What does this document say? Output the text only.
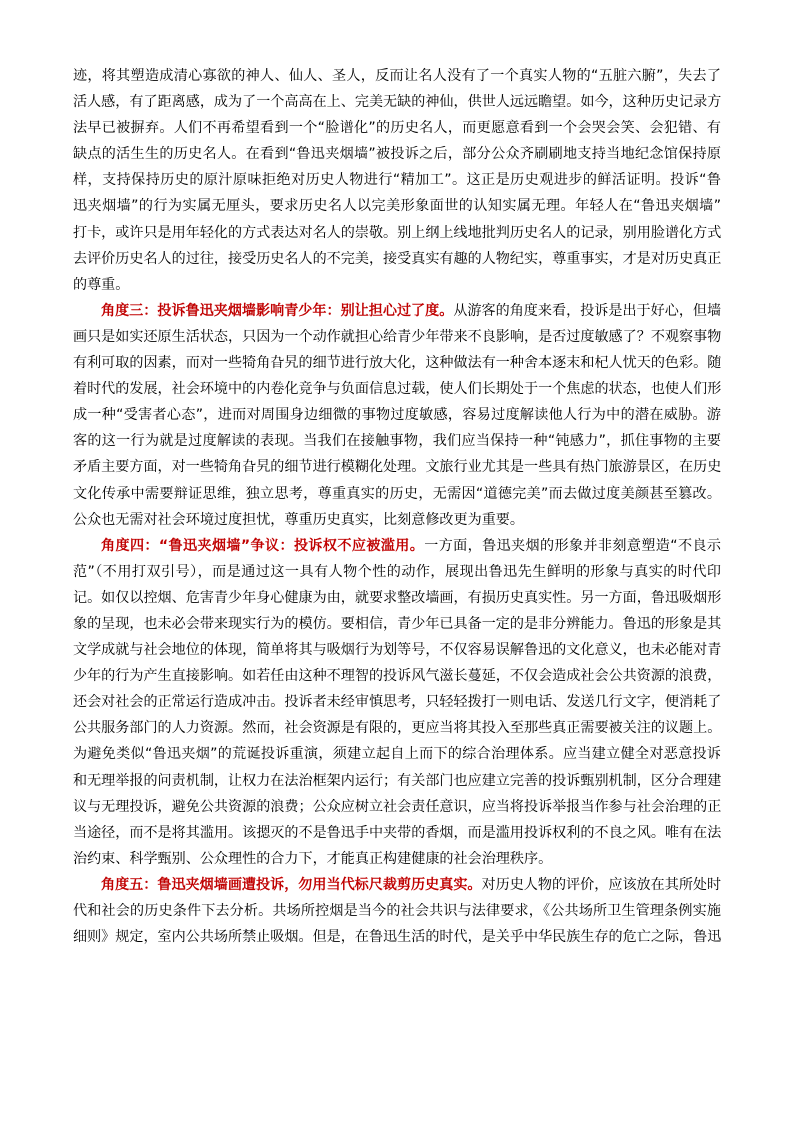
迹，将其塑造成清心寡欲的神人、仙人、圣人，反而让名人没有了一个真实人物的“五脏六腑”，失去了
活人感，有了距离感，成为了一个高高在上、完美无缺的神仙，供世人远远瞻望。如今，这种历史记录方
法早已被摒弃。人们不再希望看到一个“脸谱化”的历史名人，而更愿意看到一个会哭会笑、会犯错、有
缺点的活生生的历史名人。在看到“鲁迅夹烟墙”被投诉之后，部分公众齐刷刷地支持当地纪念馆保持原
样，支持保持历史的原汁原味拒绝对历史人物进行“精加工”。这正是历史观进步的鲜活证明。投诉“鲁
迅夹烟墙”的行为实属无厘头，要求历史名人以完美形象面世的认知实属无理。年轻人在“鲁迅夹烟墙”
打卡，或许只是用年轻化的方式表达对名人的崇敬。别上纲上线地批判历史名人的记录，别用脸谱化方式
去评价历史名人的过往，接受历史名人的不完美，接受真实有趣的人物纪实，尊重事实，才是对历史真正
的尊重。
角度三：投诉鲁迅夹烟墙影响青少年：别让担心过了度。从游客的角度来看，投诉是出于好心，但墙
画只是如实还原生活状态，只因为一个动作就担心给青少年带来不良影响，是否过度敏感了？不观察事物
有利可取的因素，而对一些犄角旮旯的细节进行放大化，这种做法有一种舍本逐末和杞人忧天的色彩。随
着时代的发展，社会环境中的内卷化竞争与负面信息过载，使人们长期处于一个焦虑的状态，也使人们形
成一种“受害者心态”，进而对周围身边细微的事物过度敏感，容易过度解读他人行为中的潜在威胁。游
客的这一行为就是过度解读的表现。当我们在接触事物，我们应当保持一种“钝感力”，抓住事物的主要
矛盾主要方面，对一些犄角旮旯的细节进行模糊化处理。文旅行业尤其是一些具有热门旅游景区，在历史
文化传承中需要辩证思维，独立思考，尊重真实的历史，无需因“道德完美”而去做过度美颜甚至篡改。
公众也无需对社会环境过度担忧，尊重历史真实，比刻意修改更为重要。
角度四：“鲁迅夹烟墙”争议：投诉权不应被滥用。一方面，鲁迅夹烟的形象并非刻意塑造“不良示
范”（不用打双引号），而是通过这一具有人物个性的动作，展现出鲁迅先生鲜明的形象与真实的时代印
记。如仅以控烟、危害青少年身心健康为由，就要求整改墙画，有损历史真实性。另一方面，鲁迅吸烟形
象的呈现，也未必会带来现实行为的模仿。要相信，青少年已具备一定的是非分辨能力。鲁迅的形象是其
文学成就与社会地位的体现，简单将其与吸烟行为划等号，不仅容易误解鲁迅的文化意义，也未必能对青
少年的行为产生直接影响。如若任由这种不理智的投诉风气滋长蔓延，不仅会造成社会公共资源的浪费，
还会对社会的正常运行造成冲击。投诉者未经审慎思考，只轻轻拨打一则电话、发送几行文字，便消耗了
公共服务部门的人力资源。然而，社会资源是有限的，更应当将其投入至那些真正需要被关注的议题上。
为避免类似“鲁迅夹烟”的荒诞投诉重演，须建立起自上而下的综合治理体系。应当建立健全对恶意投诉
和无理举报的问责机制，让权力在法治框架内运行；有关部门也应建立完善的投诉甄别机制，区分合理建
议与无理投诉，避免公共资源的浪费；公众应树立社会责任意识，应当将投诉举报当作参与社会治理的正
当途径，而不是将其滥用。该摁灭的不是鲁迅手中夹带的香烟，而是滥用投诉权利的不良之风。唯有在法
治约束、科学甄别、公众理性的合力下，才能真正构建健康的社会治理秩序。
角度五：鲁迅夹烟墙画遭投诉，勿用当代标尺裁剪历史真实。对历史人物的评价，应该放在其所处时
代和社会的历史条件下去分析。共场所控烟是当今的社会共识与法律要求，《公共场所卫生管理条例实施
细则》规定，室内公共场所禁止吸烟。但是，在鲁迅生活的时代，是关乎中华民族生存的危亡之际，鲁迅
